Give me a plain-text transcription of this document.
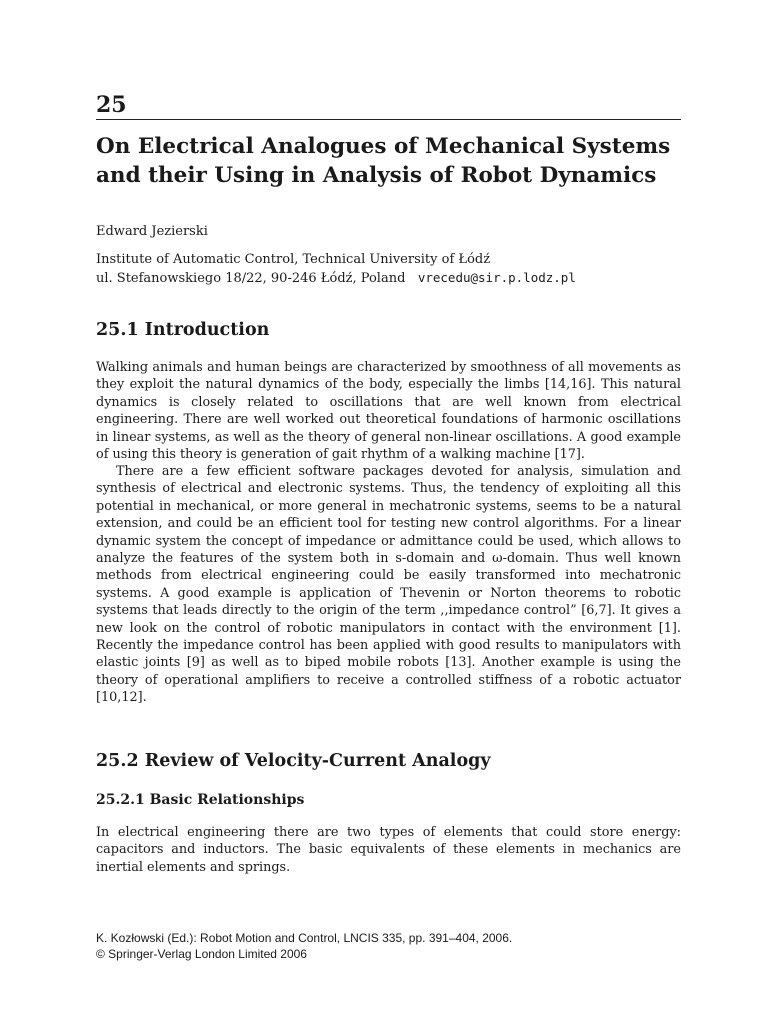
25
On Electrical Analogues of Mechanical Systems and their Using in Analysis of Robot Dynamics
Edward Jezierski
Institute of Automatic Control, Technical University of Łódź
ul. Stefanowskiego 18/22, 90-246 Łódź, Poland vrecedu@sir.p.lodz.pl
25.1 Introduction

Walking animals and human beings are characterized by smoothness of all movements as they exploit the natural dynamics of the body, especially the limbs [14,16]. This natural dynamics is closely related to oscillations that are well known from electrical engineering. There are well worked out theoretical foundations of harmonic oscillations in linear systems, as well as the theory of general non-linear oscillations. A good example of using this theory is generation of gait rhythm of a walking machine [17].

There are a few efficient software packages devoted for analysis, simulation and synthesis of electrical and electronic systems. Thus, the tendency of exploiting all this potential in mechanical, or more general in mechatronic systems, seems to be a natural extension, and could be an efficient tool for testing new control algorithms. For a linear dynamic system the concept of impedance or admittance could be used, which allows to analyze the features of the system both in s-domain and ω-domain. Thus well known methods from electrical engineering could be easily transformed into mechatronic systems. A good example is application of Thevenin or Norton theorems to robotic systems that leads directly to the origin of the term ,,impedance control” [6,7]. It gives a new look on the control of robotic manipulators in contact with the environment [1]. Recently the impedance control has been applied with good results to manipulators with elastic joints [9] as well as to biped mobile robots [13]. Another example is using the theory of operational amplifiers to receive a controlled stiffness of a robotic actuator [10,12].

25.2 Review of Velocity-Current Analogy
25.2.1 Basic Relationships

In electrical engineering there are two types of elements that could store energy: capacitors and inductors. The basic equivalents of these elements in mechanics are inertial elements and springs.

K. Kozłowski (Ed.): Robot Motion and Control, LNCIS 335, pp. 391–404, 2006.
© Springer-Verlag London Limited 2006
